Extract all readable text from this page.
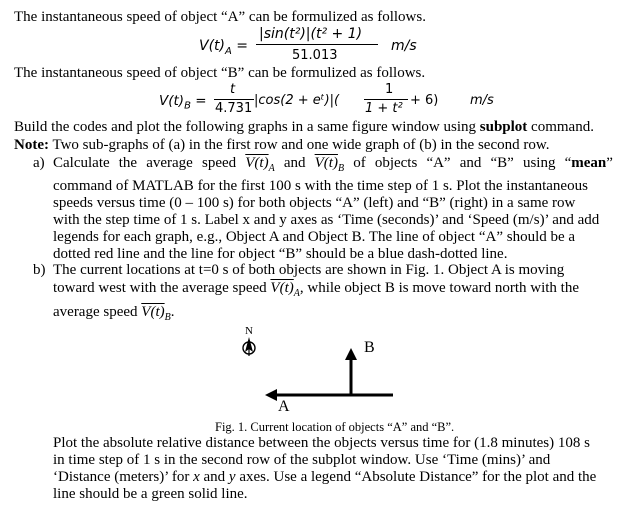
The instantaneous speed of object “A” can be formulized as follows.
$V(t)_A$ =
|sin(t²)|(t² + 1)
51.013
m/s
The instantaneous speed of object “B” can be formulized as follows.
$V(t)_B$ =
t
4.731
|cos(2 + eᵗ)|(
1
1 + t²
+ 6) m/s
Build the codes and plot the following graphs in a same figure window using subplot command.
Note: Two sub-graphs of (a) in the first row and one wide graph of (b) in the second row.
a) Calculate the average speed $V(t)_A$ and $V(t)_B$ of objects “A” and “B” using “mean”
command of MATLAB for the first 100 s with the time step of 1 s. Plot the instantaneous
speeds versus time (0 – 100 s) for both objects “A” (left) and “B” (right) in a same row
with the step time of 1 s. Label x and y axes as ‘Time (seconds)’ and ‘Speed (m/s)’ and add
legends for each graph, e.g., Object A and Object B. The line of object “A” should be a
dotted red line and the line for object “B” should be a blue dash-dotted line.
b) The current locations at t=0 s of both objects are shown in Fig. 1. Object A is moving
toward west with the average speed $V(t)_A$, while object B is move toward north with the
average speed $V(t)_B$.
N
B
A
Fig. 1. Current location of objects “A” and “B”.
Plot the absolute relative distance between the objects versus time for (1.8 minutes) 108 s
in time step of 1 s in the second row of the subplot window. Use ‘Time (mins)’ and
‘Distance (meters)’ for x and y axes. Use a legend “Absolute Distance” for the plot and the
line should be a green solid line.
